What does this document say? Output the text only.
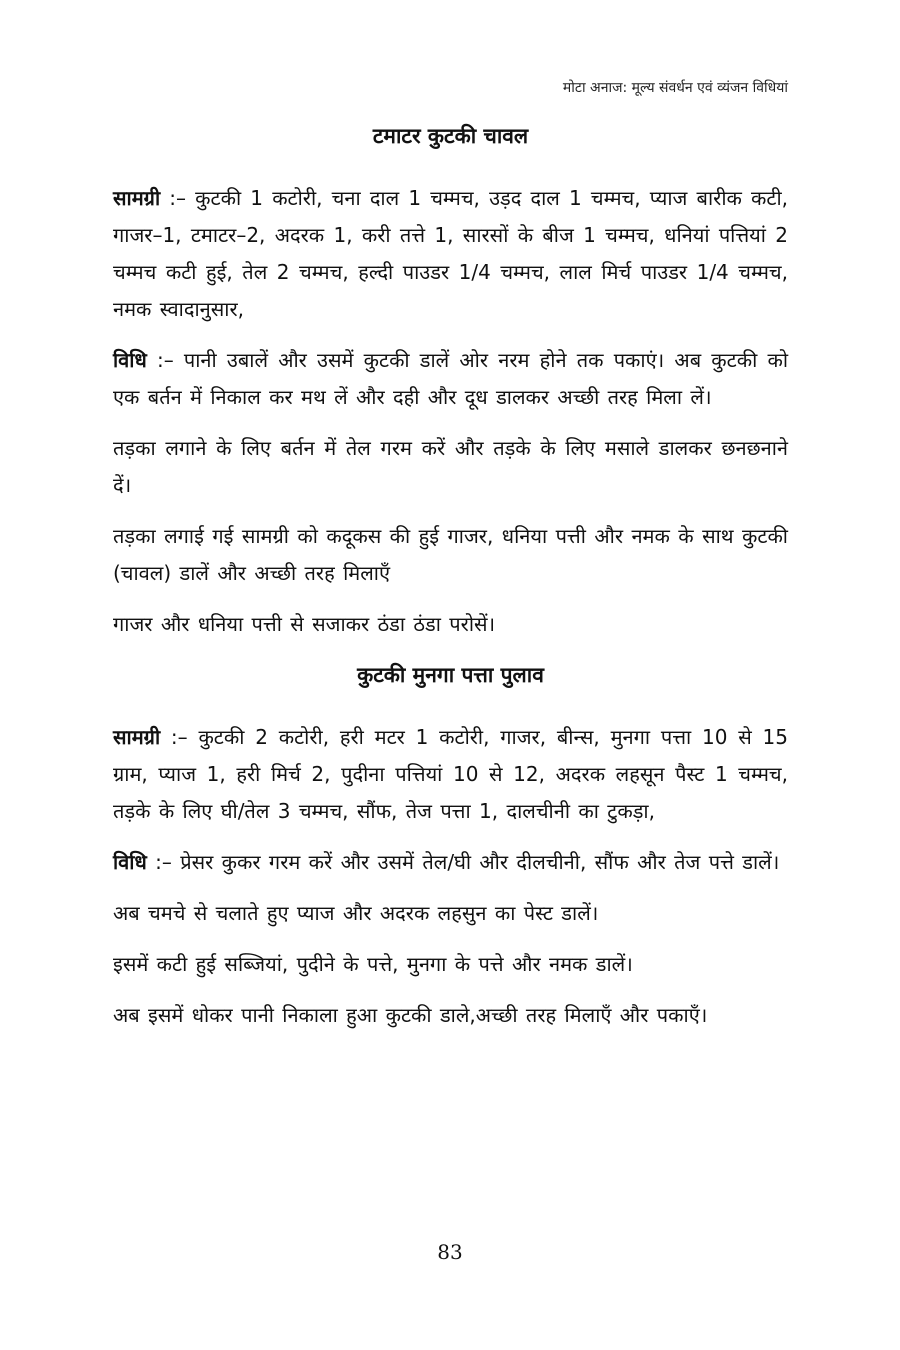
मोटा अनाज: मूल्य संवर्धन एवं व्यंजन विधियां
टमाटर कुटकी चावल

सामग्री :– कुटकी 1 कटोरी, चना दाल 1 चम्मच, उड़द दाल 1 चम्मच, प्याज बारीक कटी, गाजर–1, टमाटर–2, अदरक 1, करी तत्ते 1, सारसों के बीज 1 चम्मच, धनियां पत्तियां 2 चम्मच कटी हुई, तेल 2 चम्मच, हल्दी पाउडर 1/4 चम्मच, लाल मिर्च पाउडर 1/4 चम्मच, नमक स्वादानुसार,

विधि :– पानी उबालें और उसमें कुटकी डालें ओर नरम होने तक पकाएं। अब कुटकी को एक बर्तन में निकाल कर मथ लें और दही और दूध डालकर अच्छी तरह मिला लें।

तड़का लगाने के लिए बर्तन में तेल गरम करें और तड़के के लिए मसाले डालकर छनछनाने दें।

तड़का लगाई गई सामग्री को कदूकस की हुई गाजर, धनिया पत्ती और नमक के साथ कुटकी (चावल) डालें और अच्छी तरह मिलाएँ

गाजर और धनिया पत्ती से सजाकर ठंडा ठंडा परोसें।

कुटकी मुनगा पत्ता पुलाव

सामग्री :– कुटकी 2 कटोरी, हरी मटर 1 कटोरी, गाजर, बीन्स, मुनगा पत्ता 10 से 15 ग्राम, प्याज 1, हरी मिर्च 2, पुदीना पत्तियां 10 से 12, अदरक लहसून पैस्ट 1 चम्मच, तड़के के लिए घी/तेल 3 चम्मच, सौंफ, तेज पत्ता 1, दालचीनी का टुकड़ा,

विधि :– प्रेसर कुकर गरम करें और उसमें तेल/घी और दीलचीनी, सौंफ और तेज पत्ते डालें।

अब चमचे से चलाते हुए प्याज और अदरक लहसुन का पेस्ट डालें।

इसमें कटी हुई सब्जियां, पुदीने के पत्ते, मुनगा के पत्ते और नमक डालें।

अब इसमें धोकर पानी निकाला हुआ कुटकी डाले,अच्छी तरह मिलाएँ और पकाएँ।

83
